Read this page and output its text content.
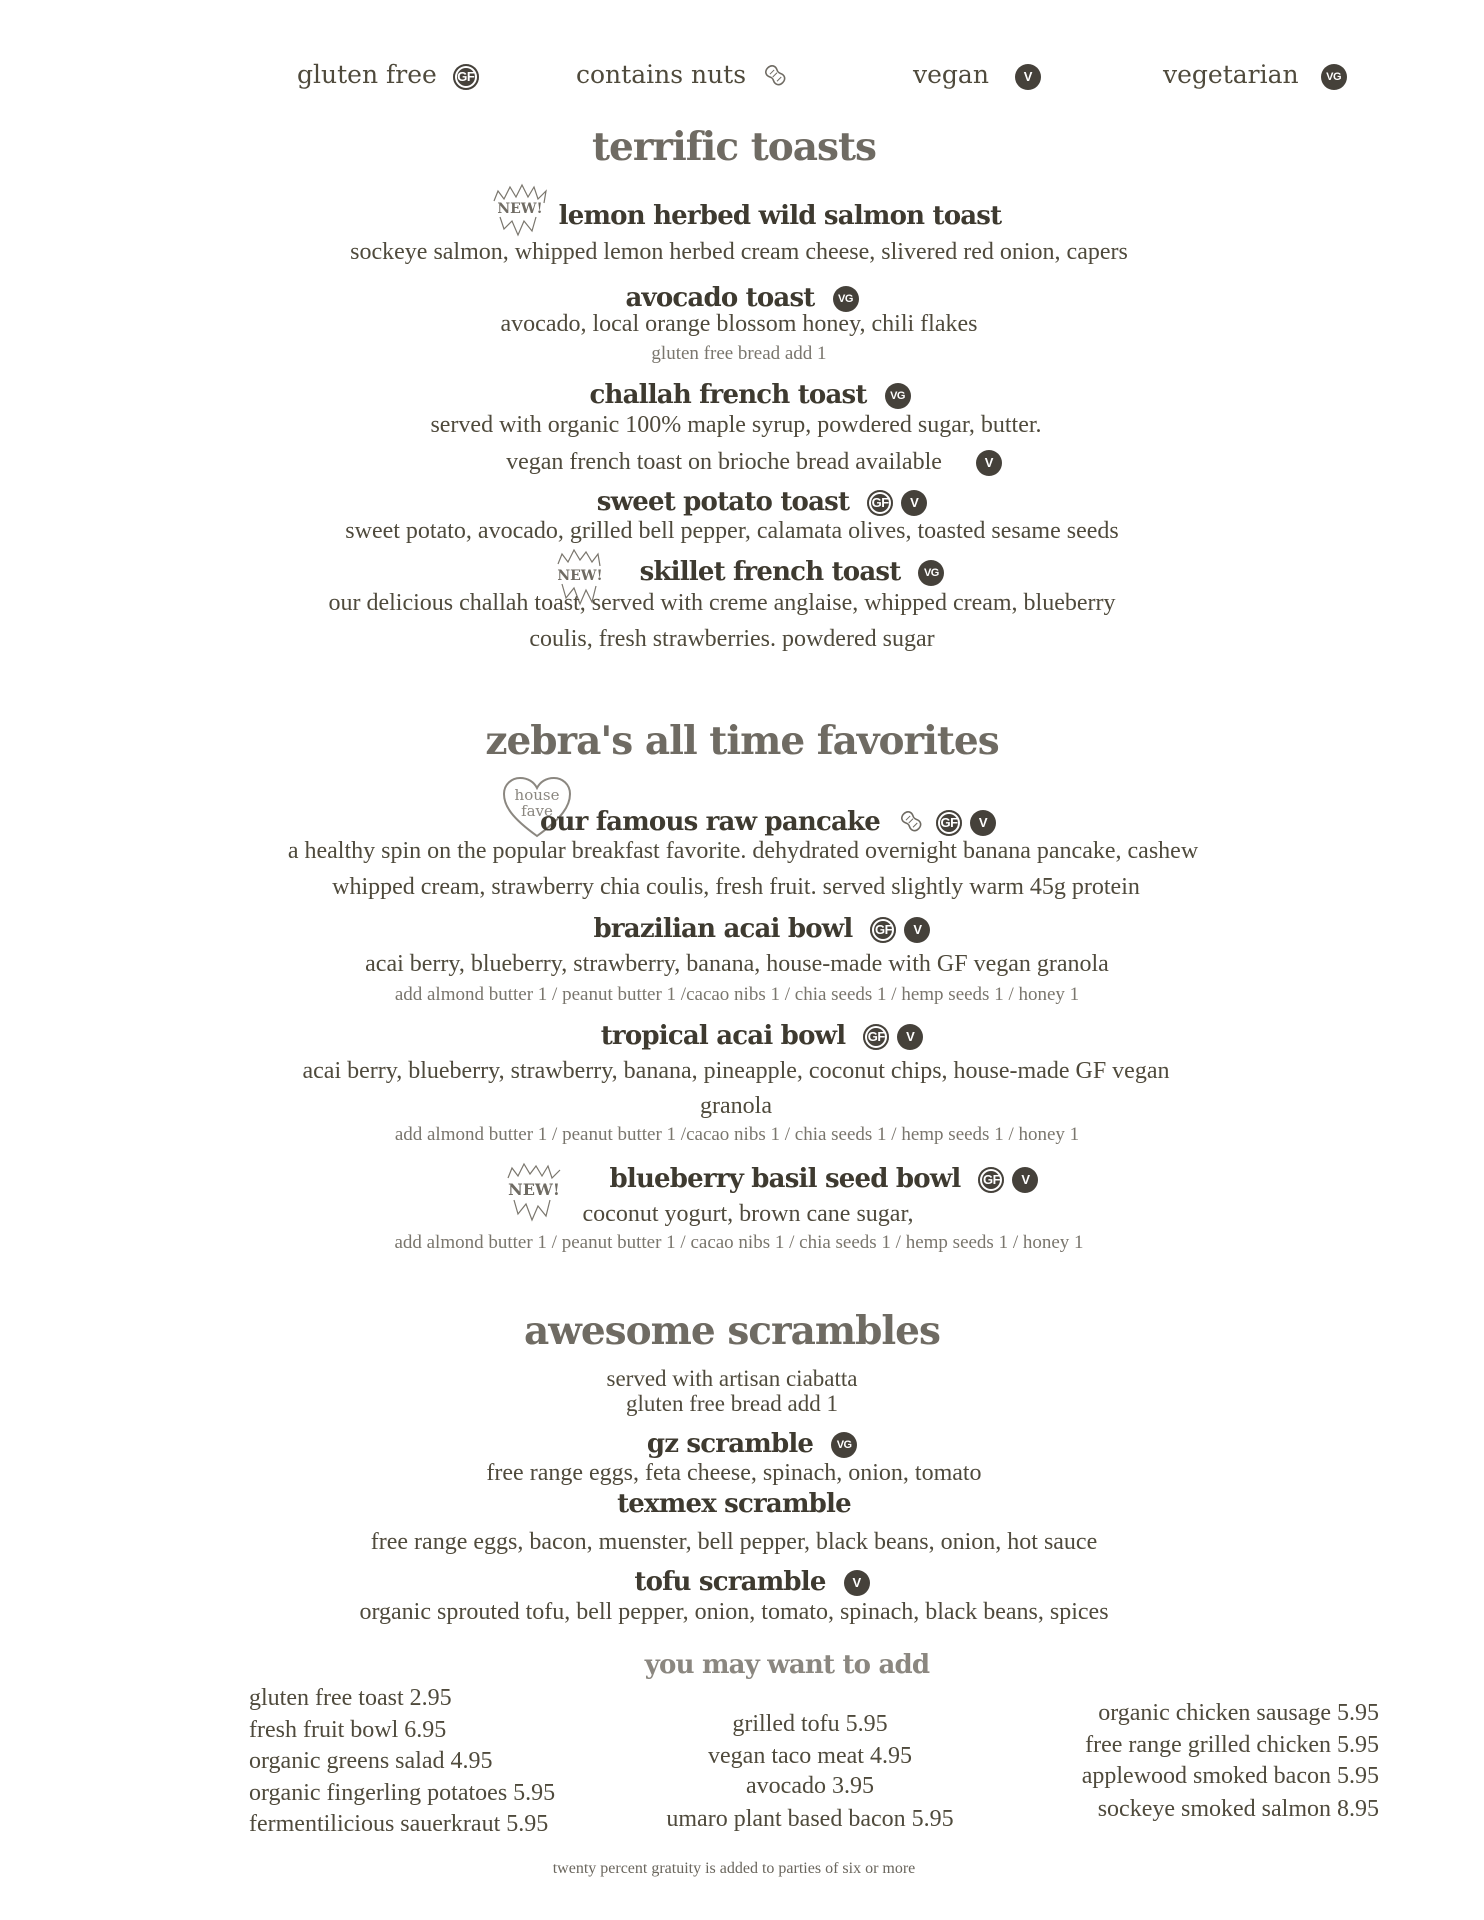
gluten free GF	contains nuts	vegan	V	vegetarian	VG
terrific toasts
NEW! lemon herbed wild salmon toast
sockeye salmon, whipped lemon herbed cream cheese, slivered red onion, capers
avocado toast VG
avocado, local orange blossom honey, chili flakes
gluten free bread add 1
challah french toast VG
served with organic 100% maple syrup, powdered sugar, butter.
vegan french toast on brioche bread available	V
sweet potato toast GF V
sweet potato, avocado, grilled bell pepper, calamata olives, toasted sesame seeds
NEW!	skillet french toast VG
our delicious challah toast, served with creme anglaise, whipped cream, blueberry
coulis, fresh strawberries. powdered sugar
zebra's all time favorites
house
fave
our famous raw pancake	GF V
a healthy spin on the popular breakfast favorite. dehydrated overnight banana pancake, cashew
whipped cream, strawberry chia coulis, fresh fruit. served slightly warm 45g protein
brazilian acai bowl GF V
acai berry, blueberry, strawberry, banana, house-made with GF vegan granola
add almond butter 1 / peanut butter 1 /cacao nibs 1 / chia seeds 1 / hemp seeds 1 / honey 1
tropical acai bowl GF V
acai berry, blueberry, strawberry, banana, pineapple, coconut chips, house-made GF vegan
granola
add almond butter 1 / peanut butter 1 /cacao nibs 1 / chia seeds 1 / hemp seeds 1 / honey 1
NEW!	blueberry basil seed bowl GF V
coconut yogurt, brown cane sugar,
add almond butter 1 / peanut butter 1 / cacao nibs 1 / chia seeds 1 / hemp seeds 1 / honey 1
awesome scrambles
served with artisan ciabatta
gluten free bread add 1
gz scramble VG
free range eggs, feta cheese, spinach, onion, tomato
texmex scramble
free range eggs, bacon, muenster, bell pepper, black beans, onion, hot sauce
tofu scramble V
organic sprouted tofu, bell pepper, onion, tomato, spinach, black beans, spices
you may want to add
gluten free toast 2.95
fresh fruit bowl 6.95
organic greens salad 4.95
organic fingerling potatoes 5.95
fermentilicious sauerkraut 5.95
grilled tofu 5.95
vegan taco meat 4.95
avocado 3.95
umaro plant based bacon 5.95
organic chicken sausage 5.95
free range grilled chicken 5.95
applewood smoked bacon 5.95
sockeye smoked salmon 8.95
twenty percent gratuity is added to parties of six or more
